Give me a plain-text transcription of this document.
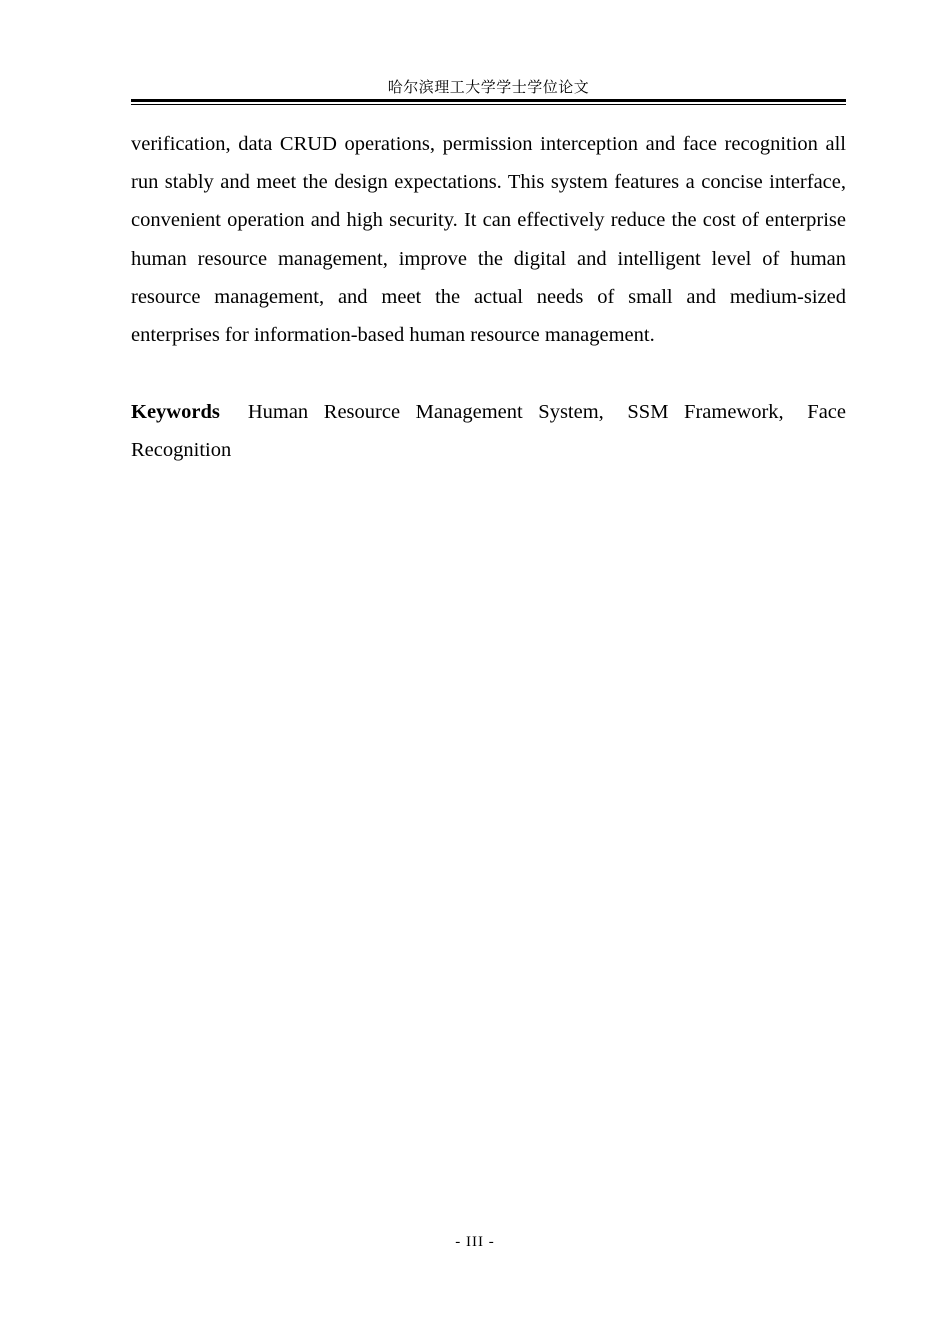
哈尔滨理工大学学士学位论文

verification, data CRUD operations, permission interception and face recognition all run stably and meet the design expectations. This system features a concise interface, convenient operation and high security. It can effectively reduce the cost of enterprise human resource management, improve the digital and intelligent level of human resource management, and meet the actual needs of small and medium-sized enterprises for information-based human resource management.

Keywords Human Resource Management System, SSM Framework, Face Recognition

- III -
